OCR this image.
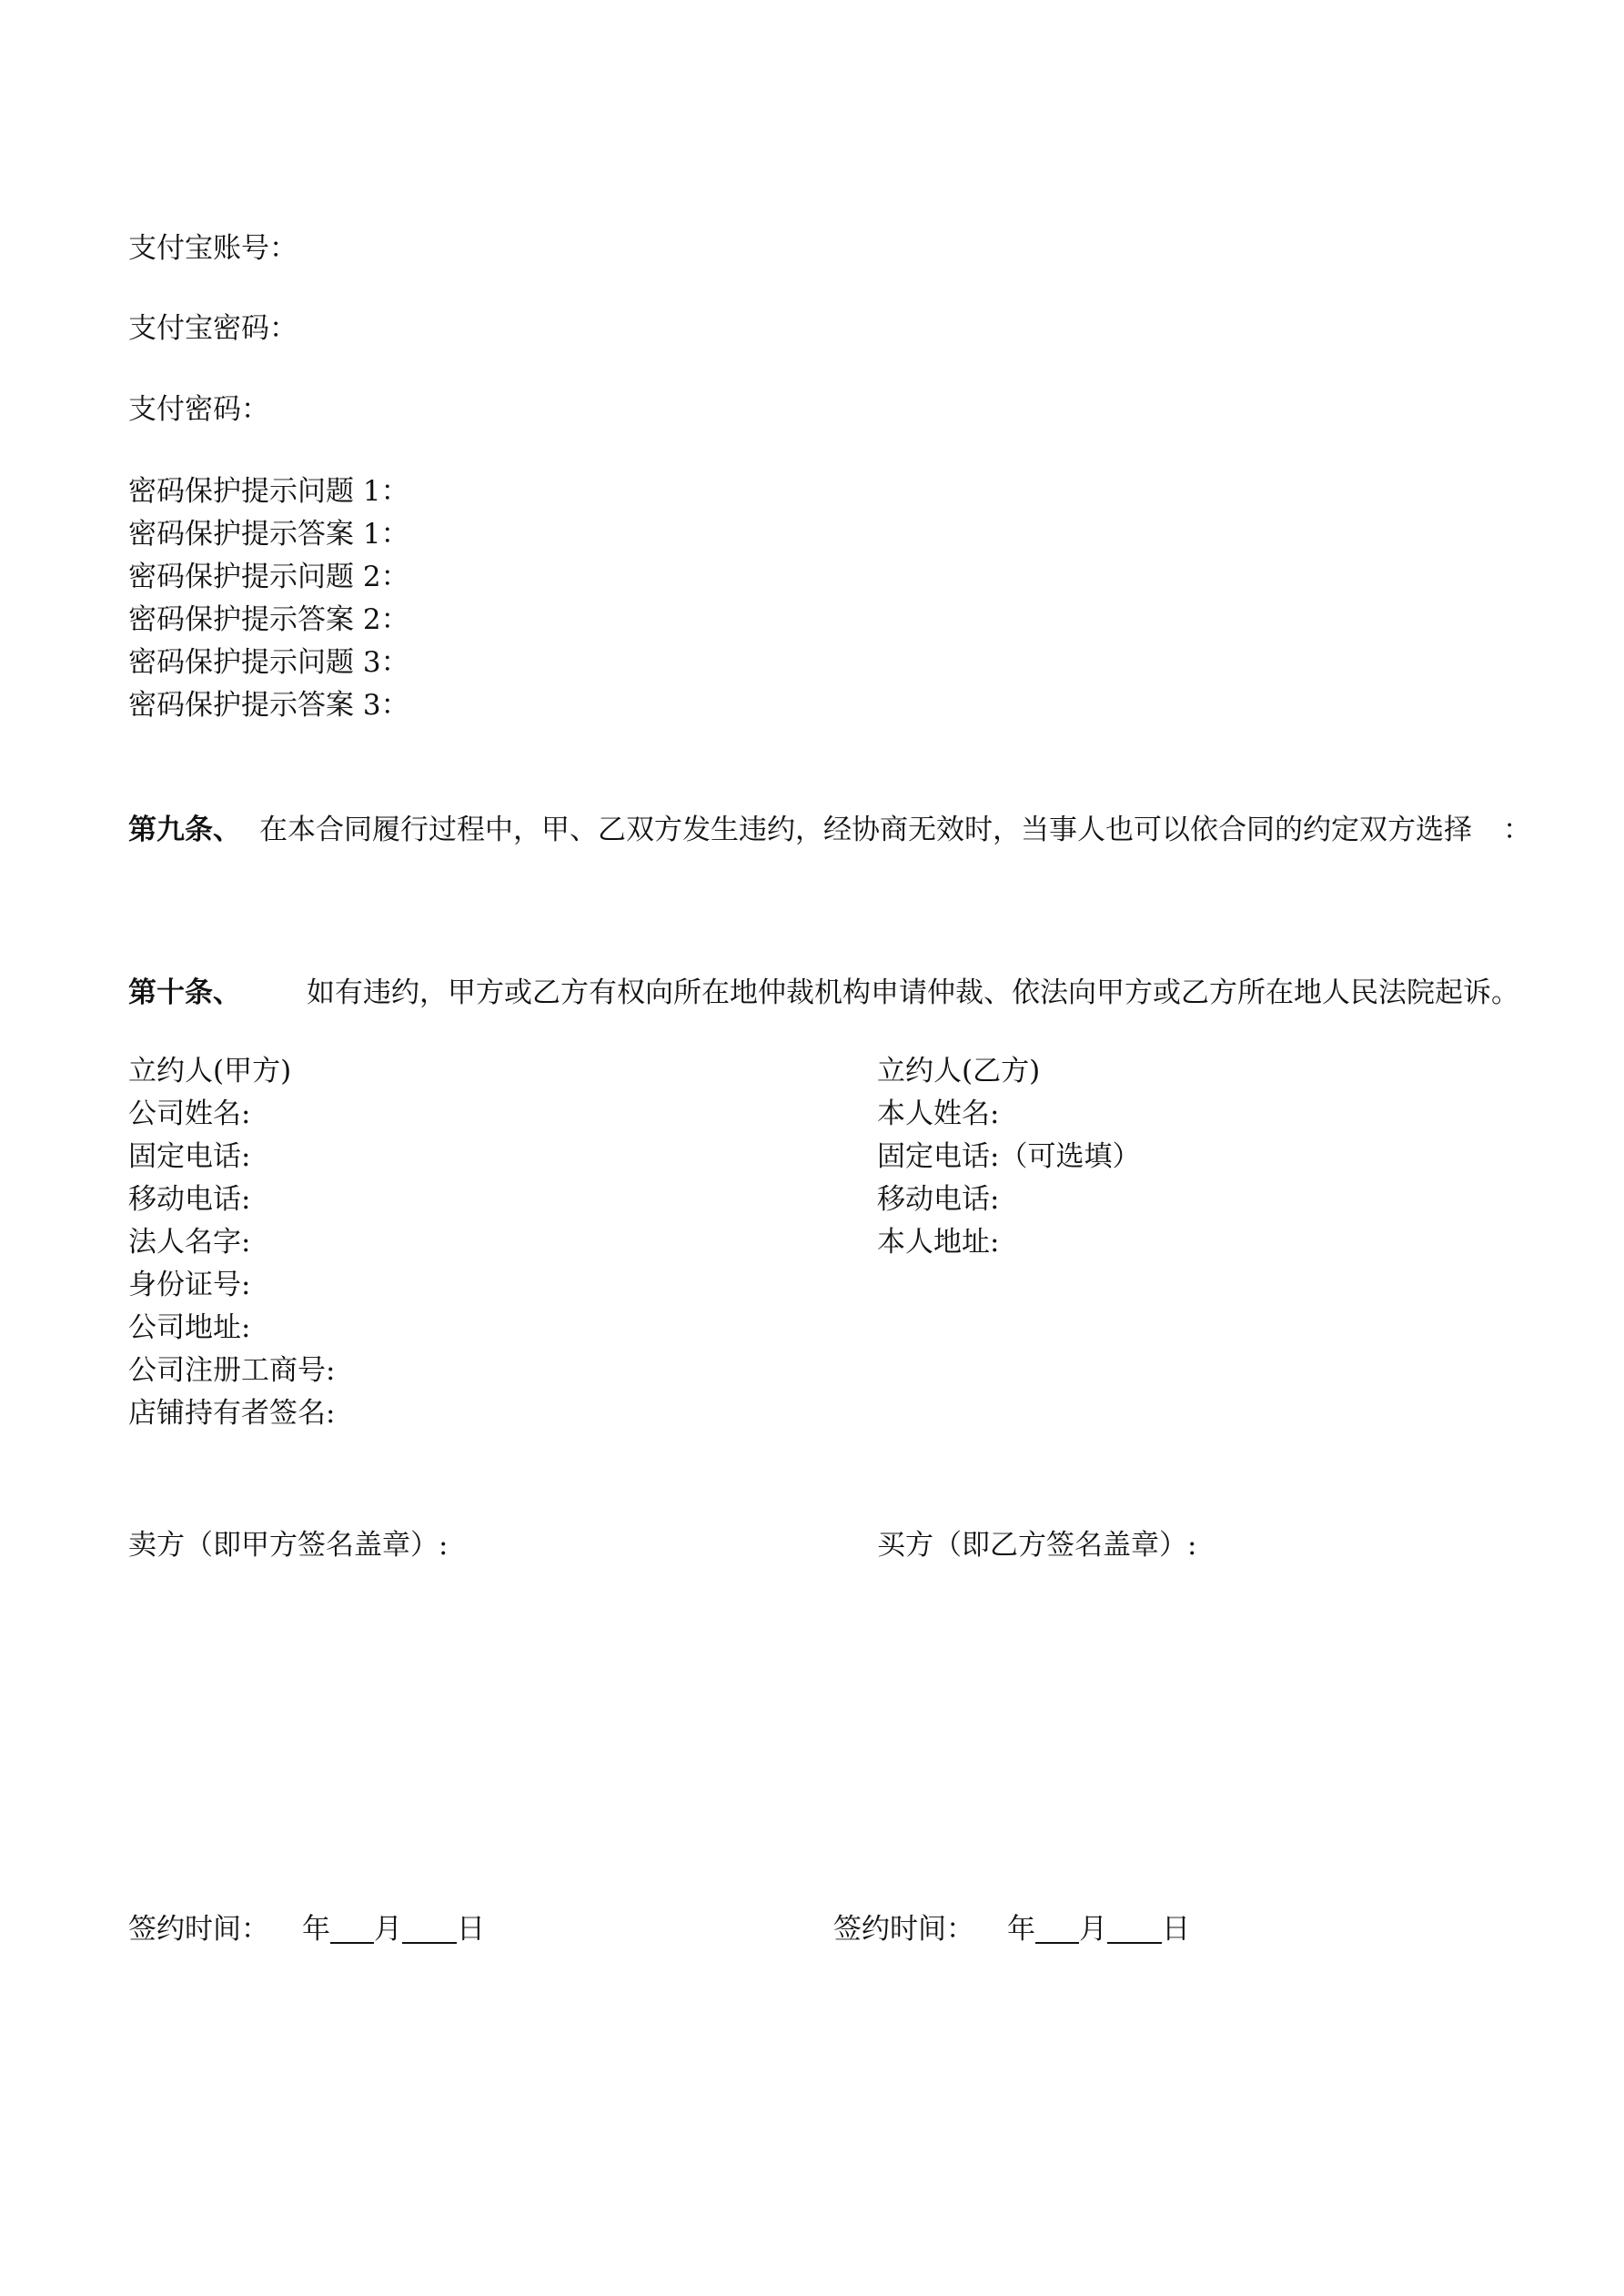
支付宝账号：
支付宝密码：
支付密码：
密码保护提示问题 1：
密码保护提示答案 1：
密码保护提示问题 2：
密码保护提示答案 2：
密码保护提示问题 3：
密码保护提示答案 3：
第九条、 在本合同履行过程中，甲、乙双方发生违约，经协商无效时，当事人也可以依合同的约定双方选择 ：
第十条、 如有违约，甲方或乙方有权向所在地仲裁机构申请仲裁、依法向甲方或乙方所在地人民法院起诉。
立约人(甲方)
公司姓名:
固定电话:
移动电话:
法人名字:
身份证号:
公司地址:
公司注册工商号:
店铺持有者签名:
立约人(乙方)
本人姓名:
固定电话:（可选填）
移动电话:
本人地址:
卖方（即甲方签名盖章）:	买方（即乙方签名盖章）:
签约时间： 年 月 日	签约时间： 年 月 日
